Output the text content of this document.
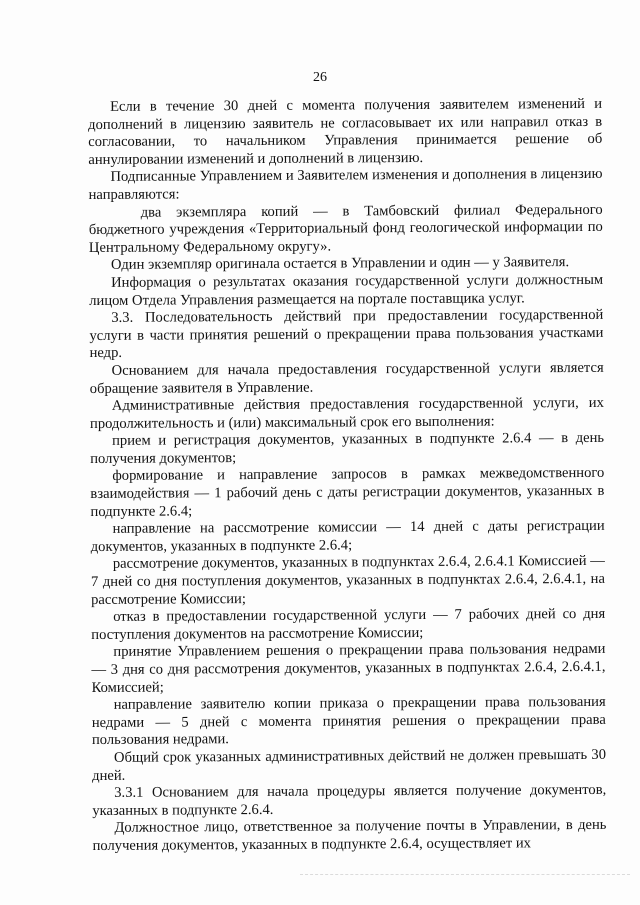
26

Если в течение 30 дней с момента получения заявителем изменений и дополнений в лицензию заявитель не согласовывает их или направил отказ в согласовании, то начальником Управления принимается решение об аннулировании изменений и дополнений в лицензию.

Подписанные Управлением и Заявителем изменения и дополнения в лицензию направляются:

два экземпляра копий — в Тамбовский филиал Федерального бюджетного учреждения «Территориальный фонд геологической информации по Центральному Федеральному округу».

Один экземпляр оригинала остается в Управлении и один — у Заявителя.

Информация о результатах оказания государственной услуги должностным лицом Отдела Управления размещается на портале поставщика услуг.

3.3. Последовательность действий при предоставлении государственной услуги в части принятия решений о прекращении права пользования участками недр.

Основанием для начала предоставления государственной услуги является обращение заявителя в Управление.

Административные действия предоставления государственной услуги, их продолжительность и (или) максимальный срок его выполнения:

прием и регистрация документов, указанных в подпункте 2.6.4 — в день получения документов;

формирование и направление запросов в рамках межведомственного взаимодействия — 1 рабочий день с даты регистрации документов, указанных в подпункте 2.6.4;

направление на рассмотрение комиссии — 14 дней с даты регистрации документов, указанных в подпункте 2.6.4;

рассмотрение документов, указанных в подпунктах 2.6.4, 2.6.4.1 Комиссией — 7 дней со дня поступления документов, указанных в подпунктах 2.6.4, 2.6.4.1, на рассмотрение Комиссии;

отказ в предоставлении государственной услуги — 7 рабочих дней со дня поступления документов на рассмотрение Комиссии;

принятие Управлением решения о прекращении права пользования недрами — 3 дня со дня рассмотрения документов, указанных в подпунктах 2.6.4, 2.6.4.1, Комиссией;

направление заявителю копии приказа о прекращении права пользования недрами — 5 дней с момента принятия решения о прекращении права пользования недрами.

Общий срок указанных административных действий не должен превышать 30 дней.

3.3.1 Основанием для начала процедуры является получение документов, указанных в подпункте 2.6.4.

Должностное лицо, ответственное за получение почты в Управлении, в день получения документов, указанных в подпункте 2.6.4, осуществляет их
